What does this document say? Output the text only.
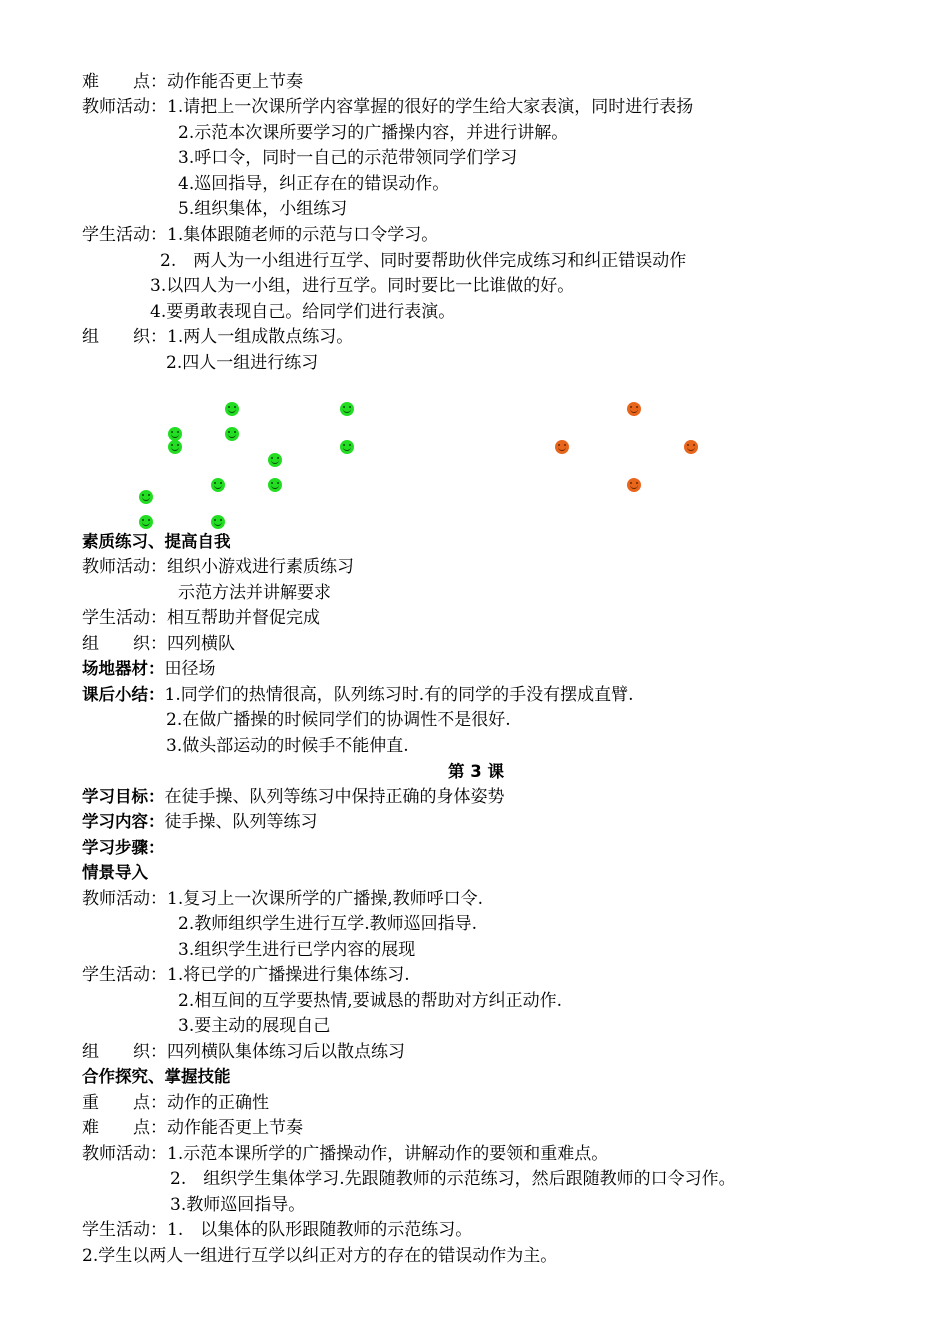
难　　点：动作能否更上节奏
教师活动：1.请把上一次课所学内容掌握的很好的学生给大家表演，同时进行表扬
2.示范本次课所要学习的广播操内容，并进行讲解。
3.呼口令，同时一自己的示范带领同学们学习
4.巡回指导，纠正存在的错误动作。
5.组织集体，小组练习
学生活动：1.集体跟随老师的示范与口令学习。
2.　两人为一小组进行互学、同时要帮助伙伴完成练习和纠正错误动作
3.以四人为一小组，进行互学。同时要比一比谁做的好。
4.要勇敢表现自己。给同学们进行表演。
组　　织：1.两人一组成散点练习。
2.四人一组进行练习
素质练习、提高自我
教师活动：组织小游戏进行素质练习
示范方法并讲解要求
学生活动：相互帮助并督促完成
组　　织：四列横队
场地器材：田径场
课后小结：1.同学们的热情很高，队列练习时.有的同学的手没有摆成直臂.
2.在做广播操的时候同学们的协调性不是很好.
3.做头部运动的时候手不能伸直.
第 3 课
学习目标：在徒手操、队列等练习中保持正确的身体姿势
学习内容：徒手操、队列等练习
学习步骤：
情景导入
教师活动：1.复习上一次课所学的广播操,教师呼口令.
2.教师组织学生进行互学.教师巡回指导.
3.组织学生进行已学内容的展现
学生活动：1.将已学的广播操进行集体练习.
2.相互间的互学要热情,要诚恳的帮助对方纠正动作.
3.要主动的展现自己
组　　织：四列横队集体练习后以散点练习
合作探究、掌握技能
重　　点：动作的正确性
难　　点：动作能否更上节奏
教师活动：1.示范本课所学的广播操动作，讲解动作的要领和重难点。
2.　组织学生集体学习.先跟随教师的示范练习，然后跟随教师的口令习作。
3.教师巡回指导。
学生活动：1.　以集体的队形跟随教师的示范练习。
2.学生以两人一组进行互学以纠正对方的存在的错误动作为主。
